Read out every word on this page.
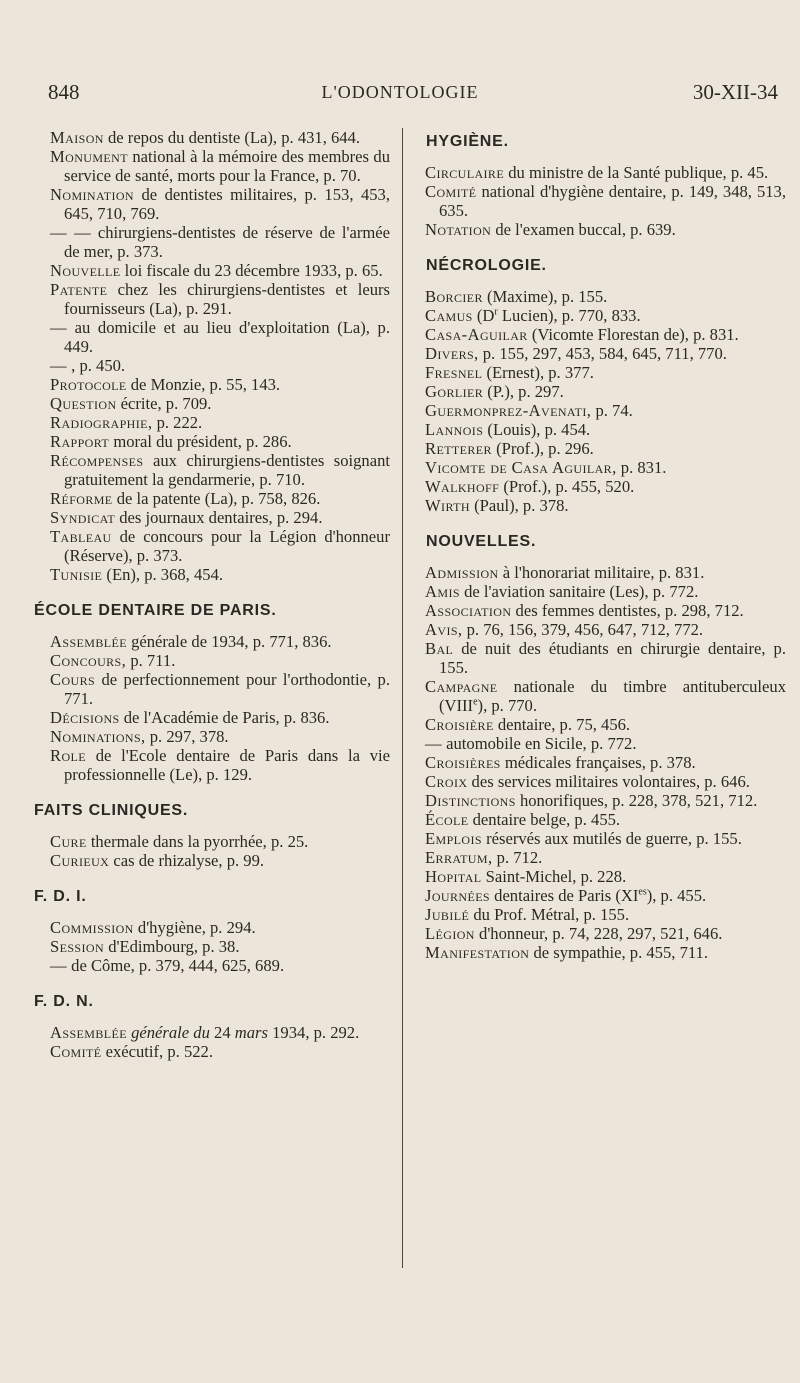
848	L'ODONTOLOGIE	30-XII-34

Maison de repos du dentiste (La), p. 431, 644.

Monument national à la mémoire des membres du service de santé, morts pour la France, p. 70.

Nomination de dentistes militaires, p. 153, 453, 645, 710, 769.

— — chirurgiens-dentistes de réserve de l'armée de mer, p. 373.

Nouvelle loi fiscale du 23 décembre 1933, p. 65.

Patente chez les chirurgiens-dentistes et leurs fournisseurs (La), p. 291.

— au domicile et au lieu d'exploitation (La), p. 449.

— , p. 450.

Protocole de Monzie, p. 55, 143.

Question écrite, p. 709.

Radiographie, p. 222.

Rapport moral du président, p. 286.

Récompenses aux chirurgiens-dentistes soignant gratuitement la gendarmerie, p. 710.

Réforme de la patente (La), p. 758, 826.

Syndicat des journaux dentaires, p. 294.

Tableau de concours pour la Légion d'honneur (Réserve), p. 373.

Tunisie (En), p. 368, 454.

ÉCOLE DENTAIRE DE PARIS.

Assemblée générale de 1934, p. 771, 836.

Concours, p. 711.

Cours de perfectionnement pour l'orthodontie, p. 771.

Décisions de l'Académie de Paris, p. 836.

Nominations, p. 297, 378.

Role de l'Ecole dentaire de Paris dans la vie professionnelle (Le), p. 129.

FAITS CLINIQUES.

Cure thermale dans la pyorrhée, p. 25.

Curieux cas de rhizalyse, p. 99.

F. D. I.

Commission d'hygiène, p. 294.

Session d'Edimbourg, p. 38.

— de Côme, p. 379, 444, 625, 689.

F. D. N.

Assemblée générale du 24 mars 1934, p. 292.

Comité exécutif, p. 522.

HYGIÈNE.

Circulaire du ministre de la Santé publique, p. 45.

Comité national d'hygiène dentaire, p. 149, 348, 513, 635.

Notation de l'examen buccal, p. 639.

NÉCROLOGIE.

Borcier (Maxime), p. 155.

Camus ($D^r$ Lucien), p. 770, 833.

Casa-Aguilar (Vicomte Florestan de), p. 831.

Divers, p. 155, 297, 453, 584, 645, 711, 770.

Fresnel (Ernest), p. 377.

Gorlier (P.), p. 297.

Guermonprez-Avenati, p. 74.

Lannois (Louis), p. 454.

Retterer (Prof.), p. 296.

Vicomte de Casa Aguilar, p. 831.

Walkhoff (Prof.), p. 455, 520.

Wirth (Paul), p. 378.

NOUVELLES.

Admission à l'honorariat militaire, p. 831.

Amis de l'aviation sanitaire (Les), p. 772.

Association des femmes dentistes, p. 298, 712.

Avis, p. 76, 156, 379, 456, 647, 712, 772.

Bal de nuit des étudiants en chirurgie dentaire, p. 155.

Campagne nationale du timbre antituberculeux (VIIIe), p. 770.

Croisière dentaire, p. 75, 456.

— automobile en Sicile, p. 772.

Croisières médicales françaises, p. 378.

Croix des services militaires volontaires, p. 646.

Distinctions honorifiques, p. 228, 378, 521, 712.

École dentaire belge, p. 455.

Emplois réservés aux mutilés de guerre, p. 155.

Erratum, p. 712.

Hopital Saint-Michel, p. 228.

Journées dentaires de Paris $(XI^{es})$, p. 455.

Jubilé du Prof. Métral, p. 155.

Légion d'honneur, p. 74, 228, 297, 521, 646.

Manifestation de sympathie, p. 455, 711.
